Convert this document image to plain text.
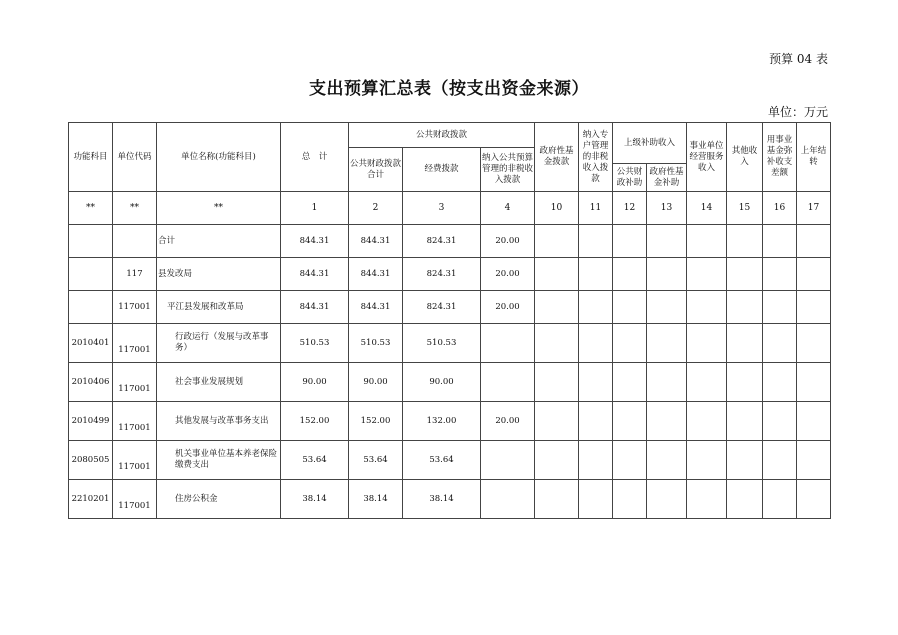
预算 04 表
支出预算汇总表（按支出资金来源）
单位：万元
功能科目	单位代码	单位名称(功能科目)	总　计	公共财政拨款			政府性基金拨款	纳入专户管理的非税收入拨款	上级补助收入		事业单位经营服务收入	其他收入	用事业基金弥补收支差额	上年结转
				公共财政拨款合计	经费拨款	纳入公共预算管理的非税收入拨款								
									公共财政补助	政府性基金补助				
**	**	**	1	2	3	4	10	11	12	13	14	15	16	17
		合计	844.31	844.31	824.31	20.00								
	117	县发改局	844.31	844.31	824.31	20.00								
	117001	平江县发展和改革局	844.31	844.31	824.31	20.00								
2010401	117001	行政运行（发展与改革事务）	510.53	510.53	510.53									
2010406	117001	社会事业发展规划	90.00	90.00	90.00									
2010499	117001	其他发展与改革事务支出	152.00	152.00	132.00	20.00								
2080505	117001	机关事业单位基本养老保险缴费支出	53.64	53.64	53.64									
2210201	117001	住房公积金	38.14	38.14	38.14									
